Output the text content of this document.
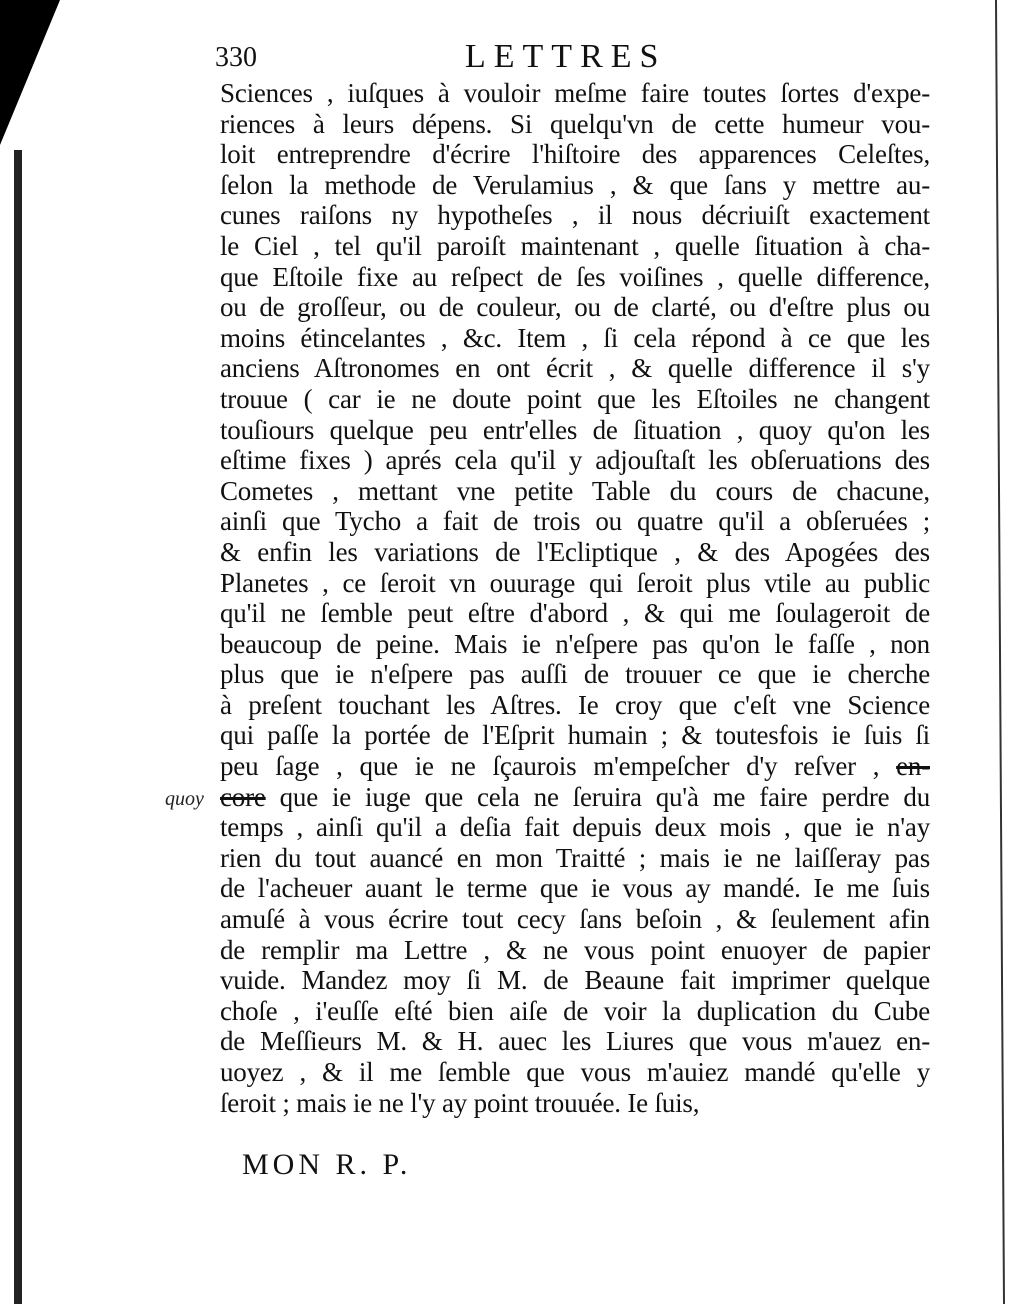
330	LETTRES
quoy
Sciences , iuſques à vouloir meſme faire toutes ſortes d'expe-
riences à leurs dépens. Si quelqu'vn de cette humeur vou-
loit entreprendre d'écrire l'hiſtoire des apparences Celeſtes,
ſelon la methode de Verulamius , & que ſans y mettre au-
cunes raiſons ny hypotheſes , il nous décriuiſt exactement
le Ciel , tel qu'il paroiſt maintenant , quelle ſituation à cha-
que Eſtoile fixe au reſpect de ſes voiſines , quelle difference,
ou de groſſeur, ou de couleur, ou de clarté, ou d'eſtre plus ou
moins étincelantes , &c. Item , ſi cela répond à ce que les
anciens Aſtronomes en ont écrit , & quelle difference il s'y
trouue ( car ie ne doute point que les Eſtoiles ne changent
touſiours quelque peu entr'elles de ſituation , quoy qu'on les
eſtime fixes ) aprés cela qu'il y adjouſtaſt les obſeruations des
Cometes , mettant vne petite Table du cours de chacune,
ainſi que Tycho a fait de trois ou quatre qu'il a obſeruées ;
& enfin les variations de l'Ecliptique , & des Apogées des
Planetes , ce ſeroit vn ouurage qui ſeroit plus vtile au public
qu'il ne ſemble peut eſtre d'abord , & qui me ſoulageroit de
beaucoup de peine. Mais ie n'eſpere pas qu'on le faſſe , non
plus que ie n'eſpere pas auſſi de trouuer ce que ie cherche
à preſent touchant les Aſtres. Ie croy que c'eſt vne Science
qui paſſe la portée de l'Eſprit humain ; & toutesfois ie ſuis ſi
peu ſage , que ie ne ſçaurois m'empeſcher d'y reſver , en-
core que ie iuge que cela ne ſeruira qu'à me faire perdre du
temps , ainſi qu'il a deſia fait depuis deux mois , que ie n'ay
rien du tout auancé en mon Traitté ; mais ie ne laiſſeray pas
de l'acheuer auant le terme que ie vous ay mandé. Ie me ſuis
amuſé à vous écrire tout cecy ſans beſoin , & ſeulement afin
de remplir ma Lettre , & ne vous point enuoyer de papier
vuide. Mandez moy ſi M. de Beaune fait imprimer quelque
choſe , i'euſſe eſté bien aiſe de voir la duplication du Cube
de Meſſieurs M. & H. auec les Liures que vous m'auez en-
uoyez , & il me ſemble que vous m'auiez mandé qu'elle y
ſeroit ; mais ie ne l'y ay point trouuée. Ie ſuis,
MON R. P.
